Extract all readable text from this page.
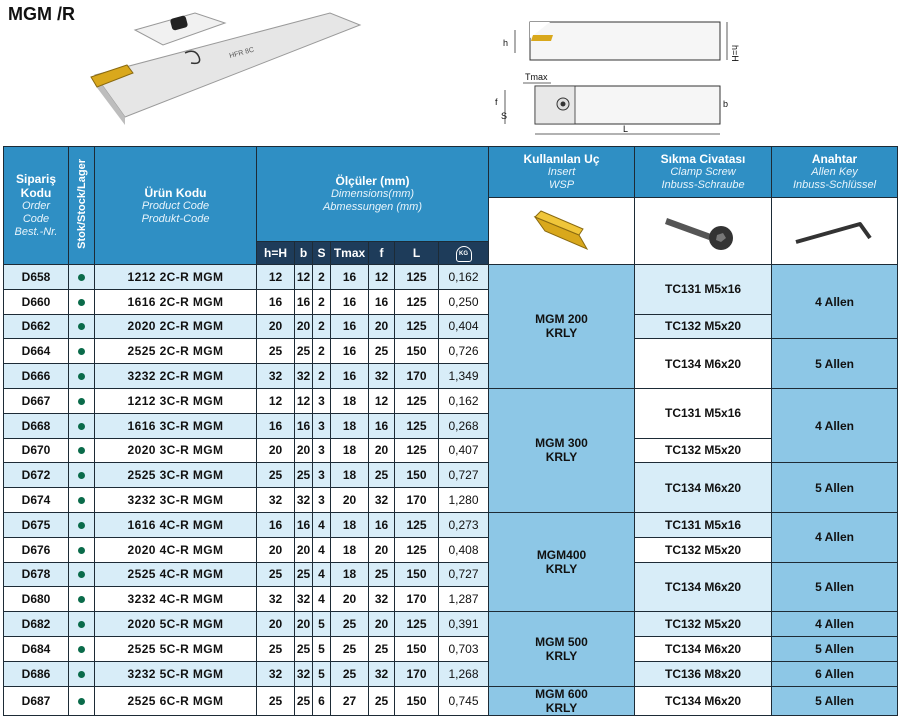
MGM /R
HFR 8C
h
h=H
Tmax
f
S
b
L
Sipariş
Kodu
Order
Code
Best.-Nr.	Stok/Stock/Lager	Ürün Kodu
Product Code
Produkt-Code	Ölçüler (mm)
Dimensions(mm)
Abmessungen (mm)							Kullanılan Uç
Insert
WSP	Sıkma Civatası
Clamp Screw
Inbuss-Schraube	Anahtar
Allen Key
Inbuss-Schlüssel

			h=H	b	S	Tmax	f	L	KG			
D658		1212 2C-R MGM	12	12	2	16	12	125	0,162	MGM 200 KRLY	TC131 M5x16	4 Allen
D660		1616 2C-R MGM	16	16	2	16	16	125	0,250			
D662		2020 2C-R MGM	20	20	2	16	20	125	0,404		TC132 M5x20	
D664		2525 2C-R MGM	25	25	2	16	25	150	0,726		TC134 M6x20	5 Allen
D666		3232 2C-R MGM	32	32	2	16	32	170	1,349			
D667		1212 3C-R MGM	12	12	3	18	12	125	0,162	MGM 300 KRLY	TC131 M5x16	4 Allen
D668		1616 3C-R MGM	16	16	3	18	16	125	0,268			
D670		2020 3C-R MGM	20	20	3	18	20	125	0,407		TC132 M5x20	
D672		2525 3C-R MGM	25	25	3	18	25	150	0,727		TC134 M6x20	5 Allen
D674		3232 3C-R MGM	32	32	3	20	32	170	1,280			
D675		1616 4C-R MGM	16	16	4	18	16	125	0,273	MGM400 KRLY	TC131 M5x16	4 Allen
D676		2020 4C-R MGM	20	20	4	18	20	125	0,408		TC132 M5x20	
D678		2525 4C-R MGM	25	25	4	18	25	150	0,727		TC134 M6x20	5 Allen
D680		3232 4C-R MGM	32	32	4	20	32	170	1,287			
D682		2020 5C-R MGM	20	20	5	25	20	125	0,391	MGM 500 KRLY	TC132 M5x20	4 Allen
D684		2525 5C-R MGM	25	25	5	25	25	150	0,703		TC134 M6x20	5 Allen
D686		3232 5C-R MGM	32	32	5	25	32	170	1,268		TC136 M8x20	6 Allen
D687		2525 6C-R MGM	25	25	6	27	25	150	0,745	MGM 600 KRLY	TC134 M6x20	5 Allen
